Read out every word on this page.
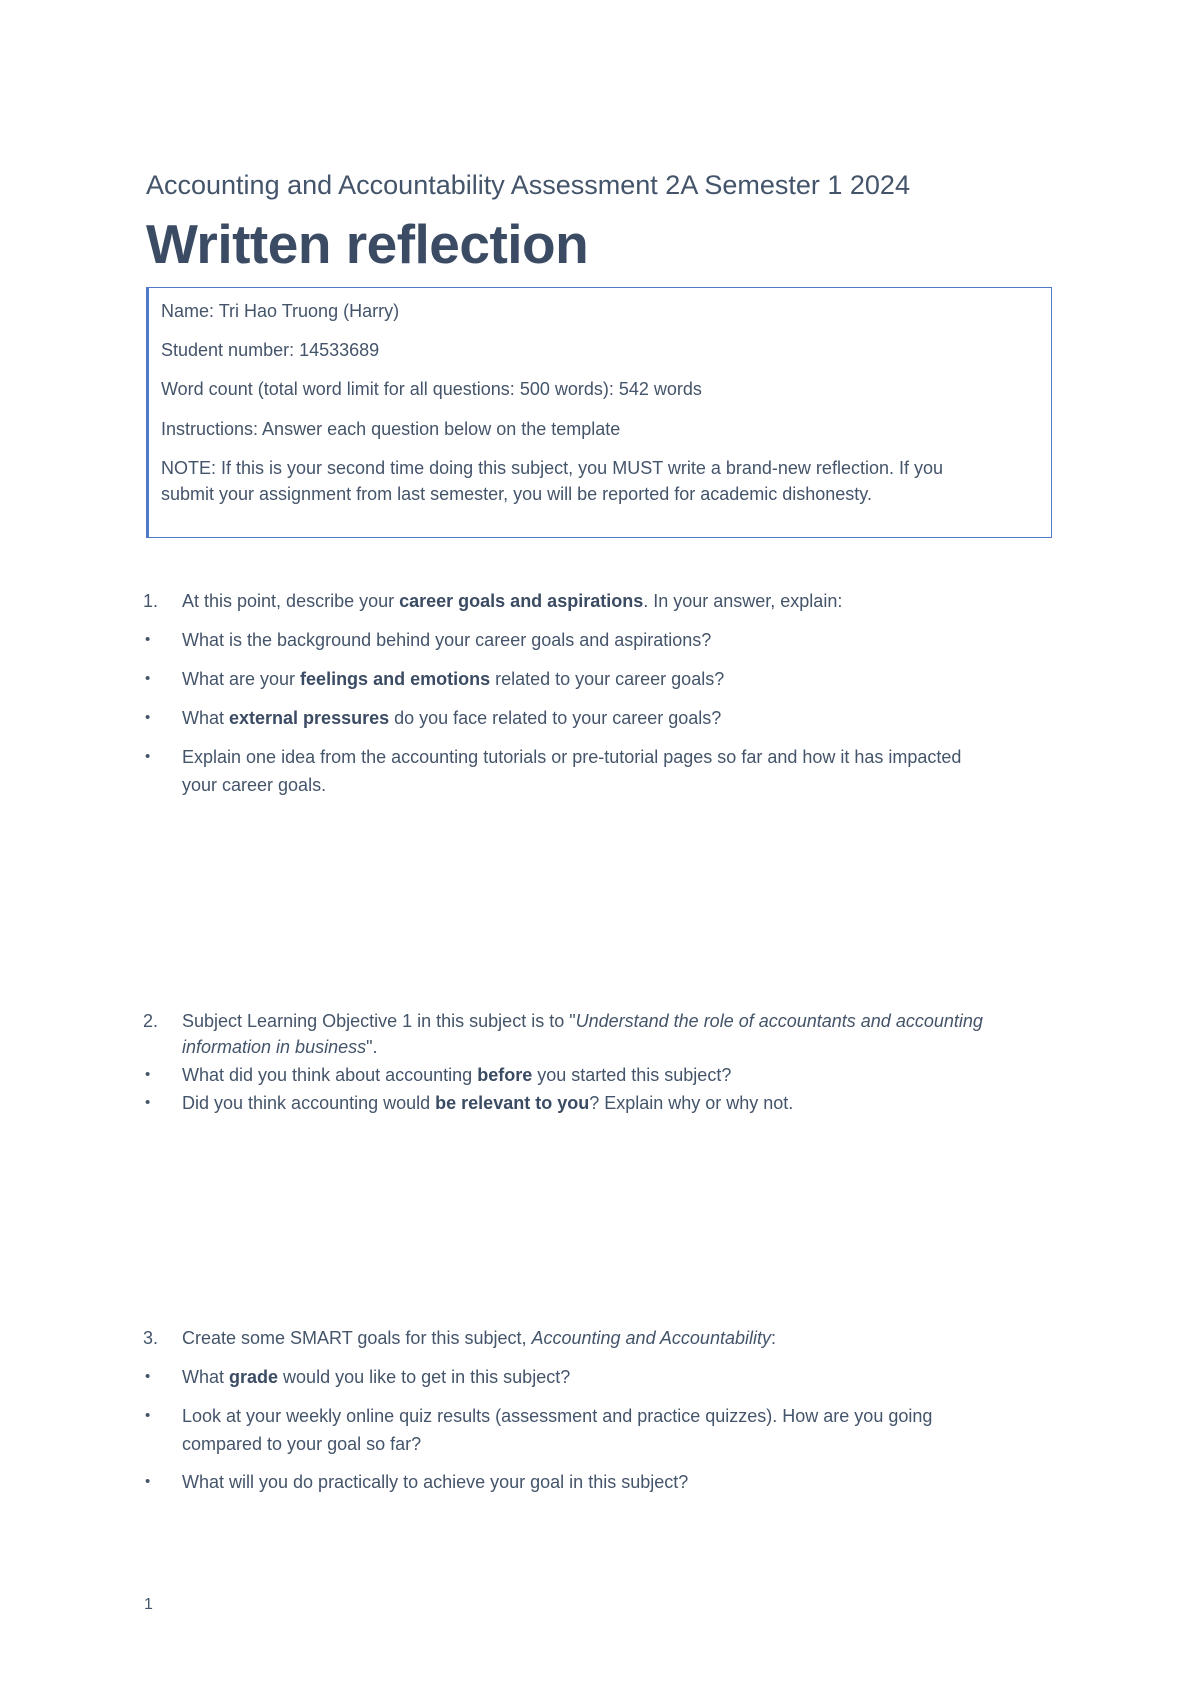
Accounting and Accountability Assessment 2A Semester 1 2024
Written reflection
Name: Tri Hao Truong (Harry)
Student number: 14533689
Word count (total word limit for all questions: 500 words): 542 words
Instructions: Answer each question below on the template
NOTE: If this is your second time doing this subject, you MUST write a brand-new reflection. If you
submit your assignment from last semester, you will be reported for academic dishonesty.
1. At this point, describe your career goals and aspirations. In your answer, explain:
• What is the background behind your career goals and aspirations?
• What are your feelings and emotions related to your career goals?
• What external pressures do you face related to your career goals?
• Explain one idea from the accounting tutorials or pre-tutorial pages so far and how it has impacted
your career goals.
2. Subject Learning Objective 1 in this subject is to "Understand the role of accountants and accounting
information in business".
• What did you think about accounting before you started this subject?
• Did you think accounting would be relevant to you? Explain why or why not.
3. Create some SMART goals for this subject, Accounting and Accountability:
• What grade would you like to get in this subject?
• Look at your weekly online quiz results (assessment and practice quizzes). How are you going
compared to your goal so far?
• What will you do practically to achieve your goal in this subject?
1
